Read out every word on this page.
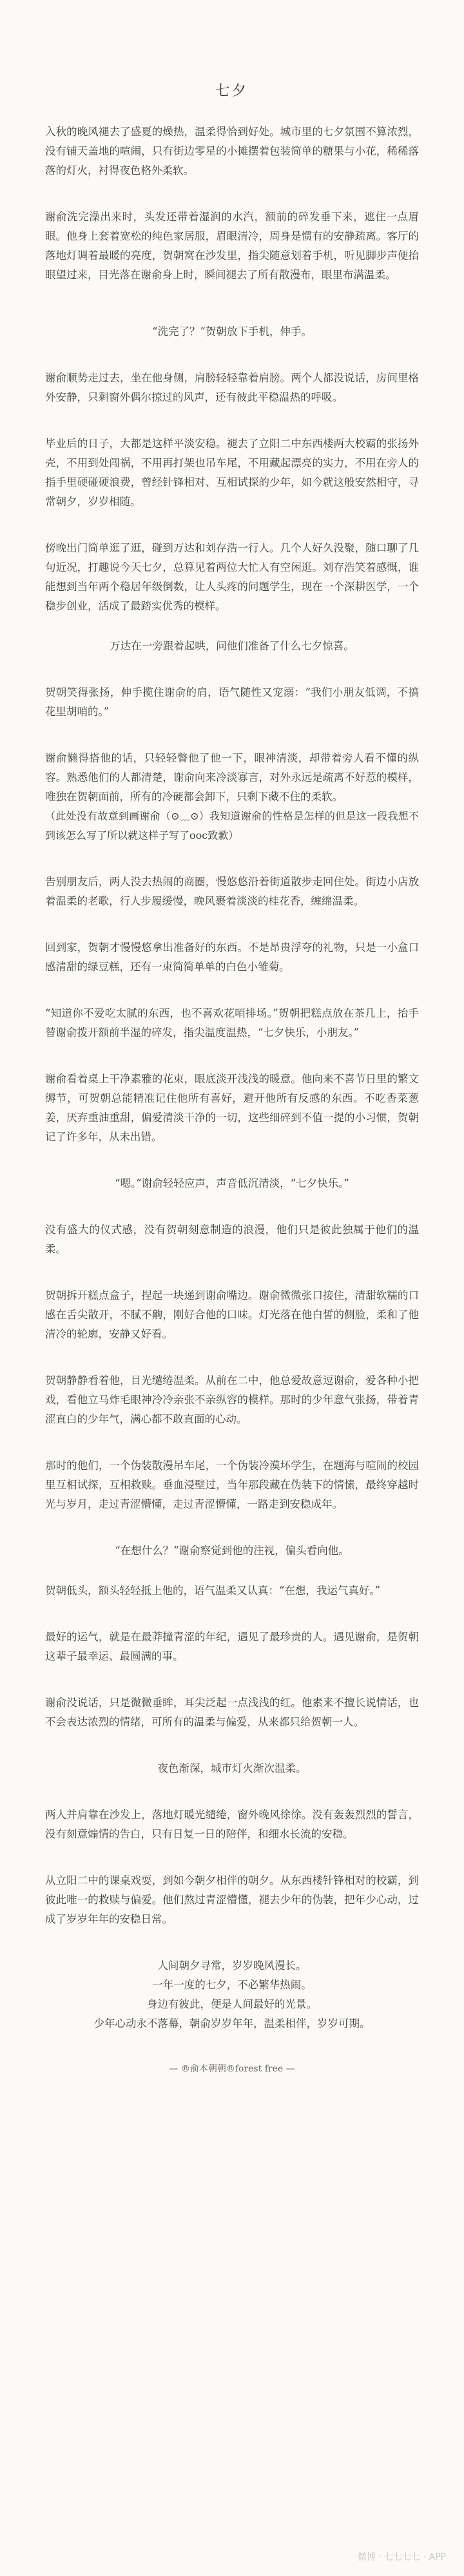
七夕

入秋的晚风褪去了盛夏的燥热，温柔得恰到好处。城市里的七夕氛围不算浓烈，没有铺天盖地的喧闹，只有街边零星的小摊摆着包装简单的糖果与小花，稀稀落落的灯火，衬得夜色格外柔软。

谢俞洗完澡出来时，头发还带着湿润的水汽，额前的碎发垂下来，遮住一点眉眼。他身上套着宽松的纯色家居服，眉眼清冷，周身是惯有的安静疏离。客厅的落地灯调着最暖的亮度，贺朝窝在沙发里，指尖随意划着手机，听见脚步声便抬眼望过来，目光落在谢俞身上时，瞬间褪去了所有散漫布，眼里布满温柔。

“洗完了？”贺朝放下手机，伸手。

谢俞顺势走过去，坐在他身侧，肩膀轻轻靠着肩膀。两个人都没说话，房间里格外安静，只剩窗外偶尔掠过的风声，还有彼此平稳温热的呼吸。

毕业后的日子，大都是这样平淡安稳。褪去了立阳二中东西楼两大校霸的张扬外壳，不用到处闯祸，不用再打架也吊车尾，不用藏起漂亮的实力，不用在旁人的指手里硬碰硬浪费，曾经针锋相对、互相试探的少年，如今就这般安然相守，寻常朝夕，岁岁相随。

傍晚出门简单逛了逛，碰到万达和刘存浩一行人。几个人好久没聚，随口聊了几句近况，打趣说今天七夕，总算见着两位大忙人有空闲逛。刘存浩笑着感慨，谁能想到当年两个稳居年级倒数，让人头疼的问题学生，现在一个深耕医学，一个稳步创业，活成了最踏实优秀的模样。

万达在一旁跟着起哄，问他们准备了什么七夕惊喜。

贺朝笑得张扬，伸手揽住谢俞的肩，语气随性又宠溺：“我们小朋友低调，不搞花里胡哨的。”

谢俞懒得搭他的话，只轻轻瞥他了他一下，眼神清淡，却带着旁人看不懂的纵容。熟悉他们的人都清楚，谢俞向来冷淡寡言，对外永远是疏离不好惹的模样，唯独在贺朝面前，所有的冷硬都会卸下，只剩下藏不住的柔软。

（此处没有故意到画谢俞（⊙﹏⊙）我知道谢俞的性格是怎样的但是这一段我想不到该怎么写了所以就这样子写了ooc致歉）

告别朋友后，两人没去热闹的商圈，慢悠悠沿着街道散步走回住处。街边小店放着温柔的老歌，行人步履缓慢，晚风裹着淡淡的桂花香，缠绵温柔。

回到家，贺朝才慢慢悠拿出准备好的东西。不是昂贵浮夸的礼物，只是一小盒口感清甜的绿豆糕，还有一束简简单单的白色小雏菊。

“知道你不爱吃太腻的东西，也不喜欢花哨排场。”贺朝把糕点放在茶几上，抬手替谢俞拨开额前半湿的碎发，指尖温度温热，“七夕快乐，小朋友。”

谢俞看着桌上干净素雅的花束，眼底淡开浅浅的暖意。他向来不喜节日里的繁文缛节，可贺朝总能精准记住他所有喜好，避开他所有反感的东西。不吃香菜葱姜，厌弃重油重甜，偏爱清淡干净的一切，这些细碎到不值一提的小习惯，贺朝记了许多年，从未出错。

“嗯。”谢俞轻轻应声，声音低沉清淡，“七夕快乐。”

没有盛大的仪式感，没有贺朝刻意制造的浪漫，他们只是彼此独属于他们的温柔。

贺朝拆开糕点盒子，捏起一块递到谢俞嘴边。谢俞微微张口接住，清甜软糯的口感在舌尖散开，不腻不齁，刚好合他的口味。灯光落在他白皙的侧脸，柔和了他清冷的轮廓，安静又好看。

贺朝静静看着他，目光缱绻温柔。从前在二中，他总爱故意逗谢俞，爱各种小把戏，看他立马炸毛眼神冷冷亲张不亲纵容的模样。那时的少年意气张扬，带着青涩直白的少年气，满心都不敢直面的心动。

那时的他们，一个伪装散漫吊车尾，一个伪装冷漠坏学生，在题海与喧闹的校园里互相试探，互相救赎。垂血浸壁过，当年那段藏在伪装下的情愫，最终穿越时光与岁月，走过青涩懵懂，走过青涩懵懂，一路走到安稳成年。

“在想什么？”谢俞察觉到他的注视，偏头看向他。

贺朝低头，额头轻轻抵上他的，语气温柔又认真：“在想，我运气真好。”

最好的运气，就是在最莽撞青涩的年纪，遇见了最珍贵的人。遇见谢俞，是贺朝这辈子最幸运、最圆满的事。

谢俞没说话，只是微微垂眸，耳尖泛起一点浅浅的红。他素来不擅长说情话，也不会表达浓烈的情绪，可所有的温柔与偏爱，从来都只给贺朝一人。

夜色渐深，城市灯火渐次温柔。

两人并肩靠在沙发上，落地灯暖光缱绻，窗外晚风徐徐。没有轰轰烈烈的誓言，没有刻意煽情的告白，只有日复一日的陪伴，和细水长流的安稳。

从立阳二中的课桌戏耍，到如今朝夕相伴的朝夕。从东西楼针锋相对的校霸，到彼此唯一的救赎与偏爱。他们熬过青涩懵懂，褪去少年的伪装，把年少心动，过成了岁岁年年的安稳日常。

人间朝夕寻常，岁岁晚风漫长。
一年一度的七夕，不必繁华热闹。
身边有彼此，便是人间最好的光景。
少年心动永不落幕，朝俞岁岁年年，温柔相伴，岁岁可期。

— ®俞本朝朝®forest free —
微博 · 七七七七 · APP
